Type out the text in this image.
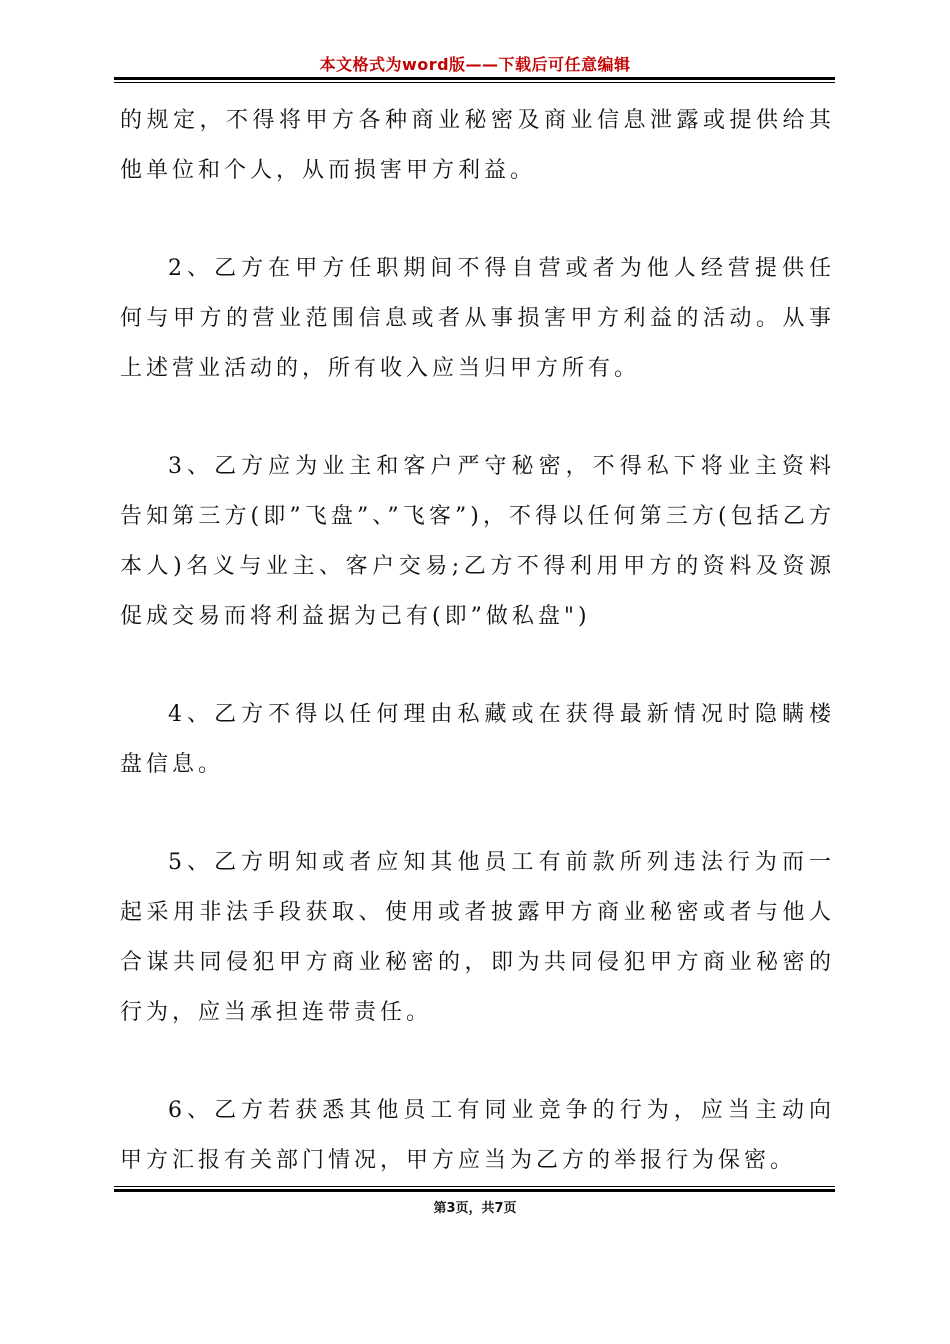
本文格式为word版——下载后可任意编辑

的规定，不得将甲方各种商业秘密及商业信息泄露或提供给其他单位和个人，从而损害甲方利益。

2、乙方在甲方任职期间不得自营或者为他人经营提供任何与甲方的营业范围信息或者从事损害甲方利益的活动。从事上述营业活动的，所有收入应当归甲方所有。

3、乙方应为业主和客户严守秘密，不得私下将业主资料告知第三方(即”飞盘”、”飞客”)，不得以任何第三方(包括乙方本人)名义与业主、客户交易;乙方不得利用甲方的资料及资源促成交易而将利益据为己有(即”做私盘")

4、乙方不得以任何理由私藏或在获得最新情况时隐瞒楼盘信息。

5、乙方明知或者应知其他员工有前款所列违法行为而一起采用非法手段获取、使用或者披露甲方商业秘密或者与他人合谋共同侵犯甲方商业秘密的，即为共同侵犯甲方商业秘密的行为，应当承担连带责任。

6、乙方若获悉其他员工有同业竞争的行为，应当主动向甲方汇报有关部门情况，甲方应当为乙方的举报行为保密。

第3页，共7页
